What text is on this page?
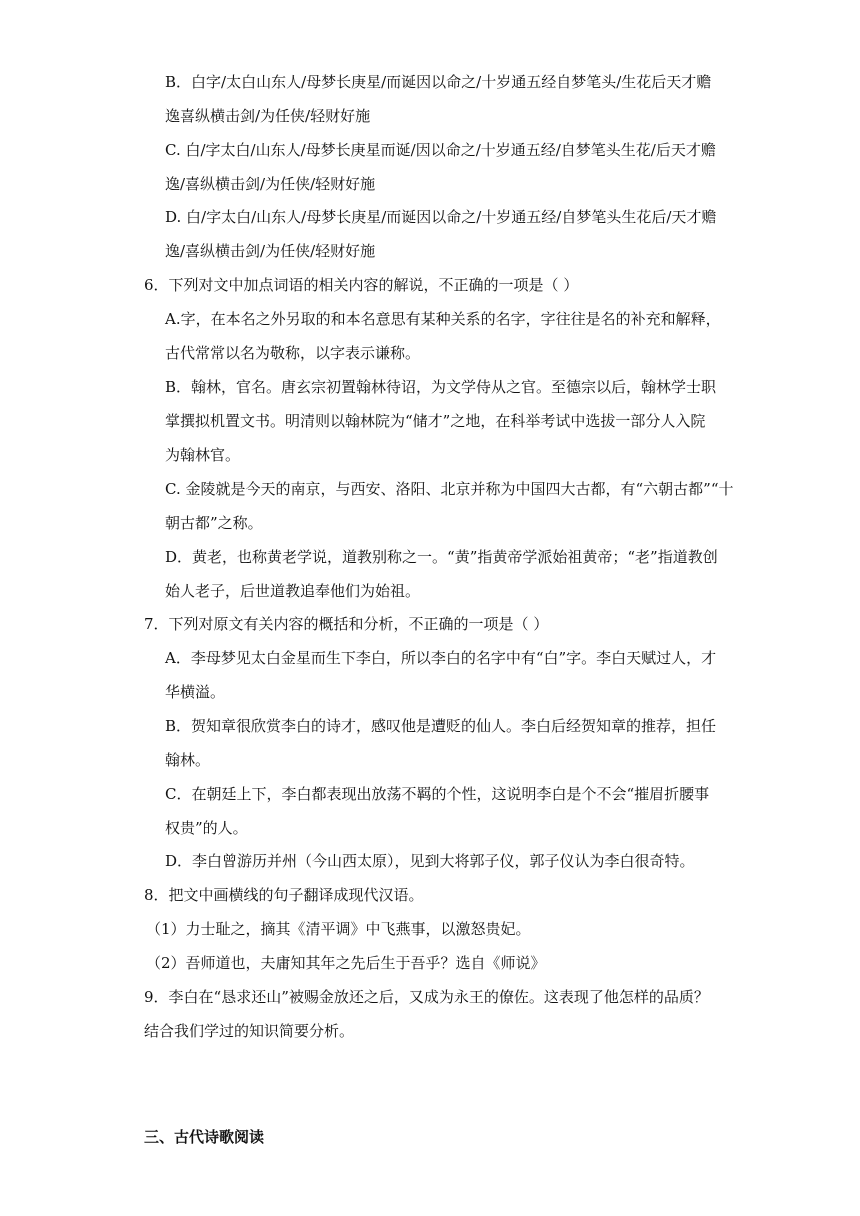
B．白字/太白山东人/母梦长庚星/而诞因以命之/十岁通五经自梦笔头/生花后天才赡
逸喜纵横击剑/为任侠/轻财好施
C. 白/字太白/山东人/母梦长庚星而诞/因以命之/十岁通五经/自梦笔头生花/后天才赡
逸/喜纵横击剑/为任侠/轻财好施
D. 白/字太白/山东人/母梦长庚星/而诞因以命之/十岁通五经/自梦笔头生花后/天才赡
逸/喜纵横击剑/为任侠/轻财好施
6．下列对文中加点词语的相关内容的解说，不正确的一项是（ ）
A.字，在本名之外另取的和本名意思有某种关系的名字，字往往是名的补充和解释，
古代常常以名为敬称，以字表示谦称。
B．翰林，官名。唐玄宗初置翰林待诏，为文学侍从之官。至德宗以后，翰林学士职
掌撰拟机置文书。明清则以翰林院为“储才”之地，在科举考试中选拔一部分人入院
为翰林官。
C. 金陵就是今天的南京，与西安、洛阳、北京并称为中国四大古都，有“六朝古都”“十
朝古都”之称。
D．黄老，也称黄老学说，道教别称之一。“黄”指黄帝学派始祖黄帝；“老”指道教创
始人老子，后世道教追奉他们为始祖。
7．下列对原文有关内容的概括和分析，不正确的一项是（ ）
A．李母梦见太白金星而生下李白，所以李白的名字中有“白”字。李白天赋过人，才
华横溢。
B．贺知章很欣赏李白的诗才，感叹他是遭贬的仙人。李白后经贺知章的推荐，担任
翰林。
C．在朝廷上下，李白都表现出放荡不羁的个性，这说明李白是个不会“摧眉折腰事
权贵”的人。
D．李白曾游历并州（今山西太原），见到大将郭子仪，郭子仪认为李白很奇特。
8．把文中画横线的句子翻译成现代汉语。
（1）力士耻之，摘其《清平调》中飞燕事，以激怒贵妃。
（2）吾师道也，夫庸知其年之先后生于吾乎？选自《师说》
9．李白在“恳求还山”被赐金放还之后，又成为永王的僚佐。这表现了他怎样的品质？
结合我们学过的知识简要分析。
三、古代诗歌阅读
